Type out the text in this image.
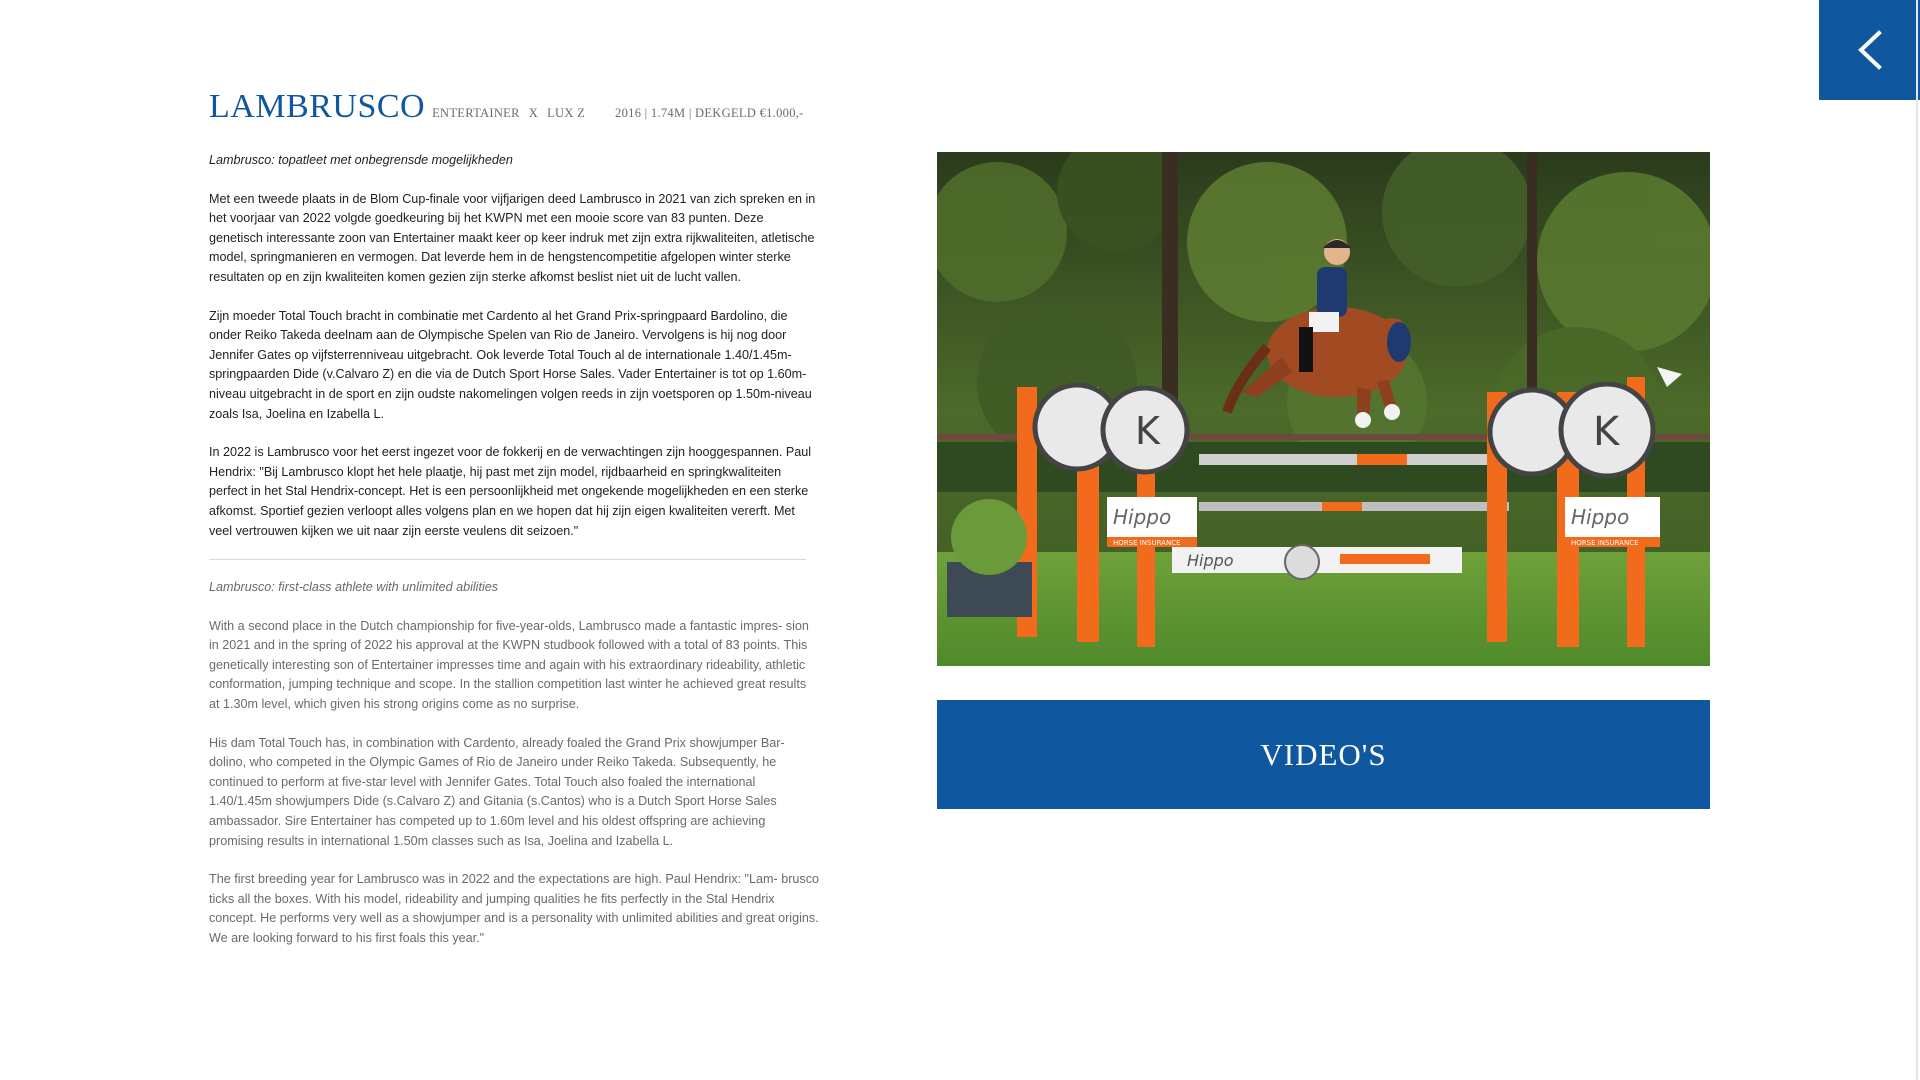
LAMBRUSCO ENTERTAINER X LUX Z 2016 | 1.74M | DEKGELD €1.000,-

Lambrusco: topatleet met onbegrensde mogelijkheden

Met een tweede plaats in de Blom Cup-finale voor vijfjarigen deed Lambrusco in 2021 van zich spreken en in het voorjaar van 2022 volgde goedkeuring bij het KWPN met een mooie score van 83 punten. Deze genetisch interessante zoon van Entertainer maakt keer op keer indruk met zijn extra rijkwaliteiten, atletische model, springmanieren en vermogen. Dat leverde hem in de hengstencompetitie afgelopen winter sterke resultaten op en zijn kwaliteiten komen gezien zijn sterke afkomst beslist niet uit de lucht vallen.

Zijn moeder Total Touch bracht in combinatie met Cardento al het Grand Prix-springpaard Bardolino, die onder Reiko Takeda deelnam aan de Olympische Spelen van Rio de Janeiro. Vervolgens is hij nog door Jennifer Gates op vijfsterrenniveau uitgebracht. Ook leverde Total Touch al de internationale 1.40/1.45m-springpaarden Dide (v.Calvaro Z) en die via de Dutch Sport Horse Sales. Vader Entertainer is tot op 1.60m-niveau uitgebracht in de sport en zijn oudste nakomelingen volgen reeds in zijn voetsporen op 1.50m-niveau zoals Isa, Joelina en Izabella L.

In 2022 is Lambrusco voor het eerst ingezet voor de fokkerij en de verwachtingen zijn hooggespannen. Paul Hendrix: "Bij Lambrusco klopt het hele plaatje, hij past met zijn model, rijdbaarheid en springkwaliteiten perfect in het Stal Hendrix-concept. Het is een persoonlijkheid met ongekende mogelijkheden en een sterke afkomst. Sportief gezien verloopt alles volgens plan en we hopen dat hij zijn eigen kwaliteiten vererft. Met veel vertrouwen kijken we uit naar zijn eerste veulens dit seizoen."

Lambrusco: first-class athlete with unlimited abilities

With a second place in the Dutch championship for five-year-olds, Lambrusco made a fantastic impres- sion in 2021 and in the spring of 2022 his approval at the KWPN studbook followed with a total of 83 points. This genetically interesting son of Entertainer impresses time and again with his extraordinary rideability, athletic conformation, jumping technique and scope. In the stallion competition last winter he achieved great results at 1.30m level, which given his strong origins come as no surprise.

His dam Total Touch has, in combination with Cardento, already foaled the Grand Prix showjumper Bar- dolino, who competed in the Olympic Games of Rio de Janeiro under Reiko Takeda. Subsequently, he continued to perform at five-star level with Jennifer Gates. Total Touch also foaled the international 1.40/1.45m showjumpers Dide (s.Calvaro Z) and Gitania (s.Cantos) who is a Dutch Sport Horse Sales ambassador. Sire Entertainer has competed up to 1.60m level and his oldest offspring are achieving promising results in international 1.50m classes such as Isa, Joelina and Izabella L.

The first breeding year for Lambrusco was in 2022 and the expectations are high. Paul Hendrix: "Lam- brusco ticks all the boxes. With his model, rideability and jumping qualities he fits perfectly in the Stal Hendrix concept. He performs very well as a showjumper and is a personality with unlimited abilities and great origins. We are looking forward to his first foals this year."

Hippo
K
Hippo
HORSE INSURANCE
K
Hippo
HORSE INSURANCE
VIDEO'S
